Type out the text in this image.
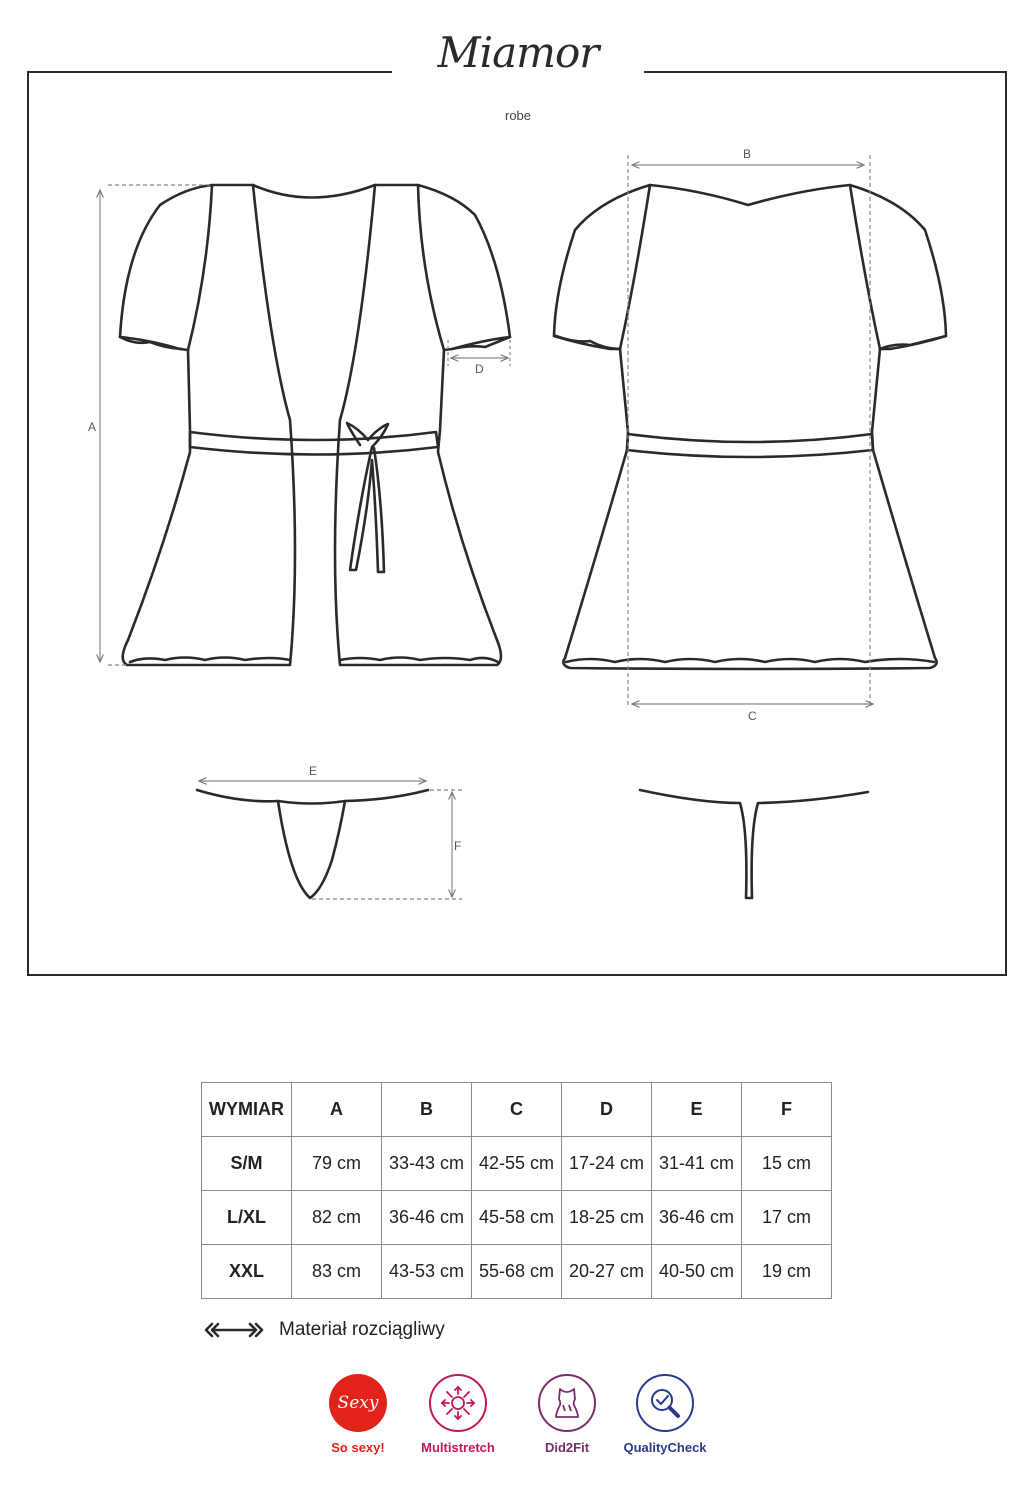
Miamor
robe
A
B
C
D
E
F
WYMIAR	A	B	C	D	E	F
S/M	79 cm	33-43 cm	42-55 cm	17-24 cm	31-41 cm	15 cm
L/XL	82 cm	36-46 cm	45-58 cm	18-25 cm	36-46 cm	17 cm
XXL	83 cm	43-53 cm	55-68 cm	20-27 cm	40-50 cm	19 cm
Materiał rozciągliwy
Sexy
So sexy!	Multistretch	Did2Fit	QualityCheck
